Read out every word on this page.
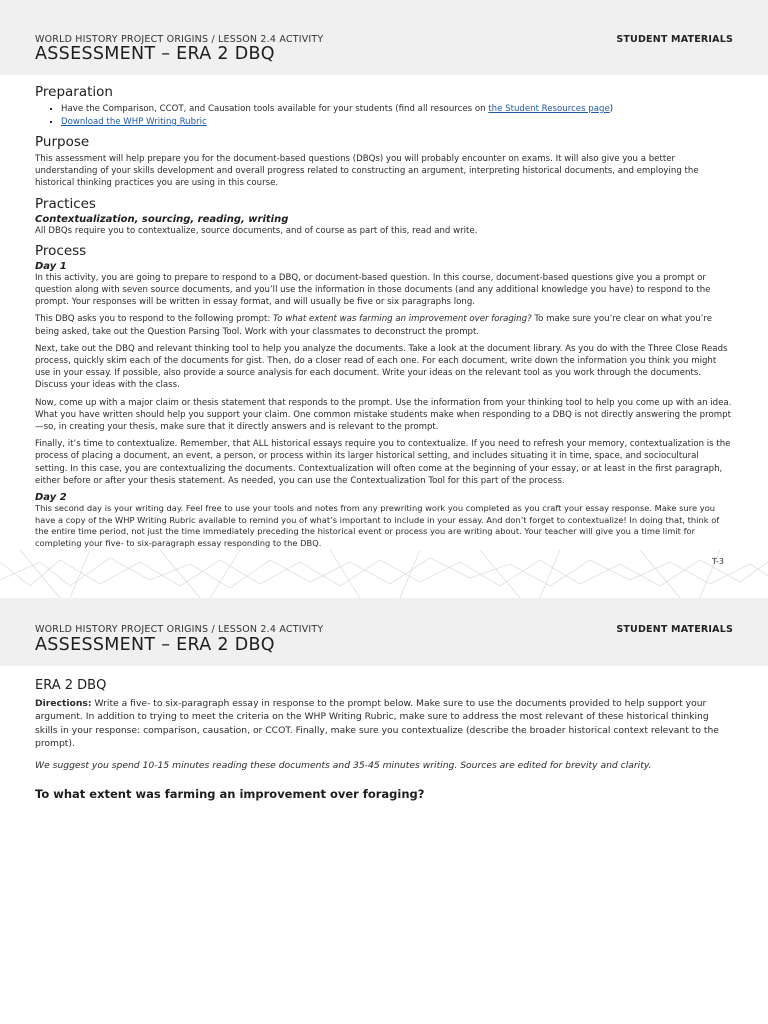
WORLD HISTORY PROJECT ORIGINS / LESSON 2.4 ACTIVITY	STUDENT MATERIALS
ASSESSMENT – ERA 2 DBQ
Preparation
▪ Have the Comparison, CCOT, and Causation tools available for your students (find all resources on the Student Resources page)
▪ Download the WHP Writing Rubric
Purpose

This assessment will help prepare you for the document-based questions (DBQs) you will probably encounter on exams. It will also give you a better understanding of your skills development and overall progress related to constructing an argument, interpreting historical documents, and employing the historical thinking practices you are using in this course.

Practices
Contextualization, sourcing, reading, writing

All DBQs require you to contextualize, source documents, and of course as part of this, read and write.

Process
Day 1

In this activity, you are going to prepare to respond to a DBQ, or document-based question. In this course, document-based questions give you a prompt or question along with seven source documents, and you’ll use the information in those documents (and any additional knowledge you have) to respond to the prompt. Your responses will be written in essay format, and will usually be five or six paragraphs long.

This DBQ asks you to respond to the following prompt: To what extent was farming an improvement over foraging? To make sure you’re clear on what you’re being asked, take out the Question Parsing Tool. Work with your classmates to deconstruct the prompt.

Next, take out the DBQ and relevant thinking tool to help you analyze the documents. Take a look at the document library. As you do with the Three Close Reads process, quickly skim each of the documents for gist. Then, do a closer read of each one. For each document, write down the information you think you might use in your essay. If possible, also provide a source analysis for each document. Write your ideas on the relevant tool as you work through the documents. Discuss your ideas with the class.

Now, come up with a major claim or thesis statement that responds to the prompt. Use the information from your thinking tool to help you come up with an idea. What you have written should help you support your claim. One common mistake students make when responding to a DBQ is not directly answering the prompt—so, in creating your thesis, make sure that it directly answers and is relevant to the prompt.

Finally, it’s time to contextualize. Remember, that ALL historical essays require you to contextualize. If you need to refresh your memory, contextualization is the process of placing a document, an event, a person, or process within its larger historical setting, and includes situating it in time, space, and sociocultural setting. In this case, you are contextualizing the documents. Contextualization will often come at the beginning of your essay, or at least in the first paragraph, either before or after your thesis statement. As needed, you can use the Contextualization Tool for this part of the process.

Day 2

This second day is your writing day. Feel free to use your tools and notes from any prewriting work you completed as you craft your essay response. Make sure you have a copy of the WHP Writing Rubric available to remind you of what’s important to include in your essay. And don’t forget to contextualize! In doing that, think of the entire time period, not just the time immediately preceding the historical event or process you are writing about. Your teacher will give you a time limit for completing your five- to six-paragraph essay responding to the DBQ.

T-3
WORLD HISTORY PROJECT ORIGINS / LESSON 2.4 ACTIVITY	STUDENT MATERIALS
ASSESSMENT – ERA 2 DBQ
ERA 2 DBQ

Directions: Write a five- to six-paragraph essay in response to the prompt below. Make sure to use the documents provided to help support your argument. In addition to trying to meet the criteria on the WHP Writing Rubric, make sure to address the most relevant of these historical thinking skills in your response: comparison, causation, or CCOT. Finally, make sure you contextualize (describe the broader historical context relevant to the prompt).

We suggest you spend 10-15 minutes reading these documents and 35-45 minutes writing. Sources are edited for brevity and clarity.

To what extent was farming an improvement over foraging?
